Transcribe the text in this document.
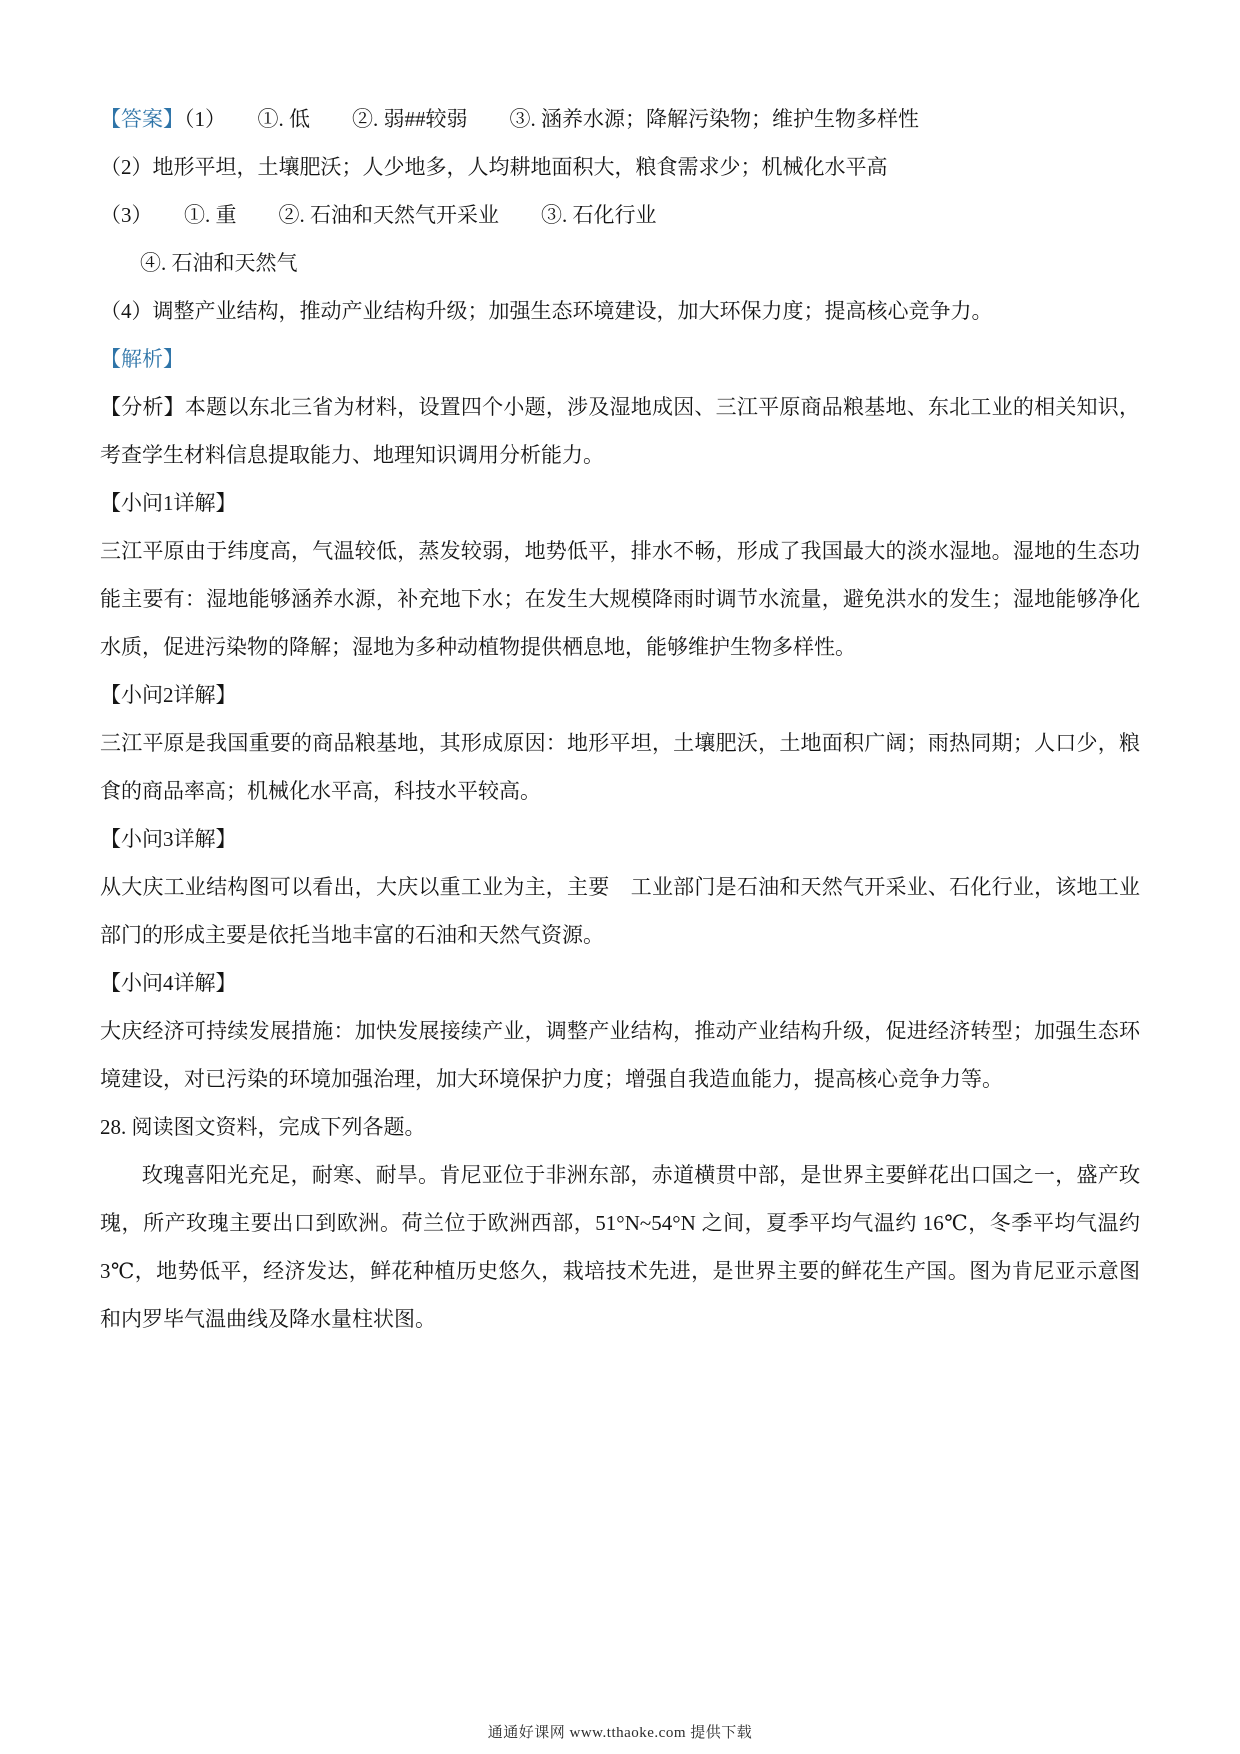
【答案】（1）　　①. 低　　②. 弱##较弱　　③. 涵养水源；降解污染物；维护生物多样性

（2）地形平坦，土壤肥沃；人少地多，人均耕地面积大，粮食需求少；机械化水平高

（3）　　①. 重　　②. 石油和天然气开采业　　③. 石化行业

④. 石油和天然气

（4）调整产业结构，推动产业结构升级；加强生态环境建设，加大环保力度；提高核心竞争力。

【解析】

【分析】本题以东北三省为材料，设置四个小题，涉及湿地成因、三江平原商品粮基地、东北工业的相关知识，考查学生材料信息提取能力、地理知识调用分析能力。

【小问1详解】

三江平原由于纬度高，气温较低，蒸发较弱，地势低平，排水不畅，形成了我国最大的淡水湿地。湿地的生态功能主要有：湿地能够涵养水源，补充地下水；在发生大规模降雨时调节水流量，避免洪水的发生；湿地能够净化水质，促进污染物的降解；湿地为多种动植物提供栖息地，能够维护生物多样性。

【小问2详解】

三江平原是我国重要的商品粮基地，其形成原因：地形平坦，土壤肥沃，土地面积广阔；雨热同期；人口少，粮食的商品率高；机械化水平高，科技水平较高。

【小问3详解】

从大庆工业结构图可以看出，大庆以重工业为主，主要　工业部门是石油和天然气开采业、石化行业，该地工业部门的形成主要是依托当地丰富的石油和天然气资源。

【小问4详解】

大庆经济可持续发展措施：加快发展接续产业，调整产业结构，推动产业结构升级，促进经济转型；加强生态环境建设，对已污染的环境加强治理，加大环境保护力度；增强自我造血能力，提高核心竞争力等。

28. 阅读图文资料，完成下列各题。

玫瑰喜阳光充足，耐寒、耐旱。肯尼亚位于非洲东部，赤道横贯中部，是世界主要鲜花出口国之一，盛产玫瑰，所产玫瑰主要出口到欧洲。荷兰位于欧洲西部，51°N~54°N 之间，夏季平均气温约 16℃，冬季平均气温约 3℃，地势低平，经济发达，鲜花种植历史悠久，栽培技术先进，是世界主要的鲜花生产国。图为肯尼亚示意图和内罗毕气温曲线及降水量柱状图。

通通好课网 www.tthaoke.com 提供下载
